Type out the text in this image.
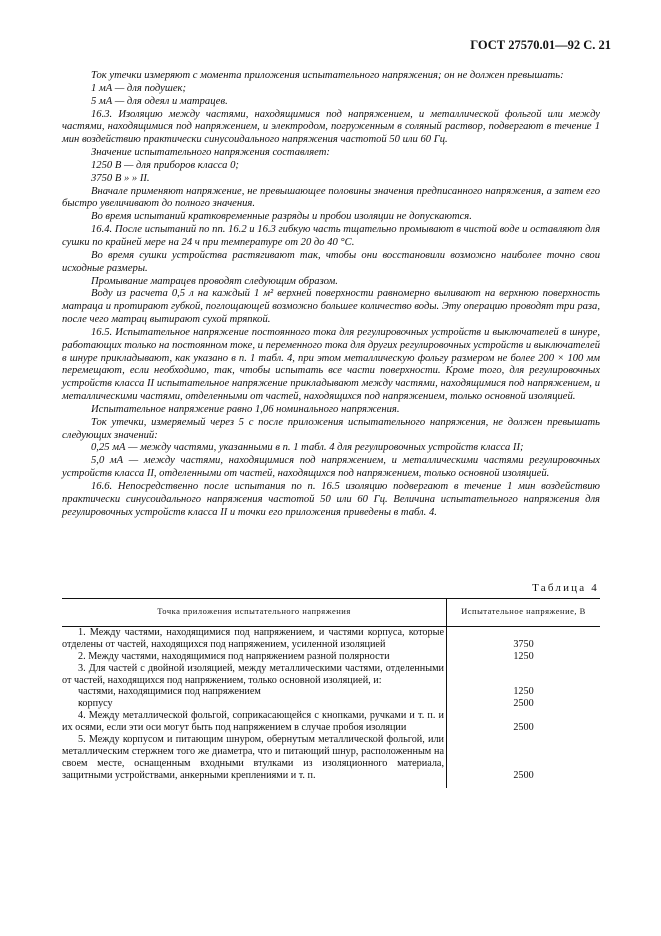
ГОСТ 27570.01—92 С. 21

Ток утечки измеряют с момента приложения испытательного напряжения; он не должен превышать:

1 мА — для подушек;

5 мА — для одеял и матрацев.

16.3. Изоляцию между частями, находящимися под напряжением, и металлической фольгой или между частями, находящимися под напряжением, и электродом, погруженным в соляный раствор, подвергают в течение 1 мин воздействию практически синусоидального напряжения частотой 50 или 60 Гц.

Значение испытательного напряжения составляет:

1250 В — для приборов класса 0;

3750 В » » II.

Вначале применяют напряжение, не превышающее половины значения предписанного напряжения, а затем его быстро увеличивают до полного значения.

Во время испытаний кратковременные разряды и пробои изоляции не допускаются.

16.4. После испытаний по пп. 16.2 и 16.3 гибкую часть тщательно промывают в чистой воде и оставляют для сушки по крайней мере на 24 ч при температуре от 20 до 40 °С.

Во время сушки устройства растягивают так, чтобы они восстановили возможно наиболее точно свои исходные размеры.

Промывание матрацев проводят следующим образом.

Воду из расчета 0,5 л на каждый 1 м² верхней поверхности равномерно выливают на верхнюю поверхность матраца и протирают губкой, поглощающей возможно большее количество воды. Эту операцию проводят три раза, после чего матрац вытирают сухой тряпкой.

16.5. Испытательное напряжение постоянного тока для регулировочных устройств и выключателей в шнуре, работающих только на постоянном токе, и переменного тока для других регулировочных устройств и выключателей в шнуре прикладывают, как указано в п. 1 табл. 4, при этом металлическую фольгу размером не более 200 × 100 мм перемещают, если необходимо, так, чтобы испытать все части поверхности. Кроме того, для регулировочных устройств класса II испытательное напряжение прикладывают между частями, находящимися под напряжением, и металлическими частями, отделенными от частей, находящихся под напряжением, только основной изоляцией.

Испытательное напряжение равно 1,06 номинального напряжения.

Ток утечки, измеряемый через 5 с после приложения испытательного напряжения, не должен превышать следующих значений:

0,25 мА — между частями, указанными в п. 1 табл. 4 для регулировочных устройств класса II;

5,0 мА — между частями, находящимися под напряжением, и металлическими частями регулировочных устройств класса II, отделенными от частей, находящихся под напряжением, только основной изоляцией.

16.6. Непосредственно после испытания по п. 16.5 изоляцию подвергают в течение 1 мин воздействию практически синусоидального напряжения частотой 50 или 60 Гц. Величина испытательного напряжения для регулировочных устройств класса II и точки его приложения приведены в табл. 4.

Таблица 4
Точка приложения испытательного напряжения	Испытательное напряжение, В
1. Между частями, находящимися под напряжением, и частями корпуса, которые отделены от частей, находящихся под напряжением, усиленной изоляцией	3750
2. Между частями, находящимися под напряжением разной полярности	1250
3. Для частей с двойной изоляцией, между металлическими частями, отделенными от частей, находящихся под напряжением, только основной изоляцией, и:	
частями, находящимися под напряжением	1250
корпусу	2500
4. Между металлической фольгой, соприкасающейся с кнопками, ручками и т. п. и их осями, если эти оси могут быть под напряжением в случае пробоя изоляции	2500
5. Между корпусом и питающим шнуром, обернутым металлической фольгой, или металлическим стержнем того же диаметра, что и питающий шнур, расположенным на своем месте, оснащенным входными втулками из изоляционного материала, защитными устройствами, анкерными креплениями и т. п.	2500
